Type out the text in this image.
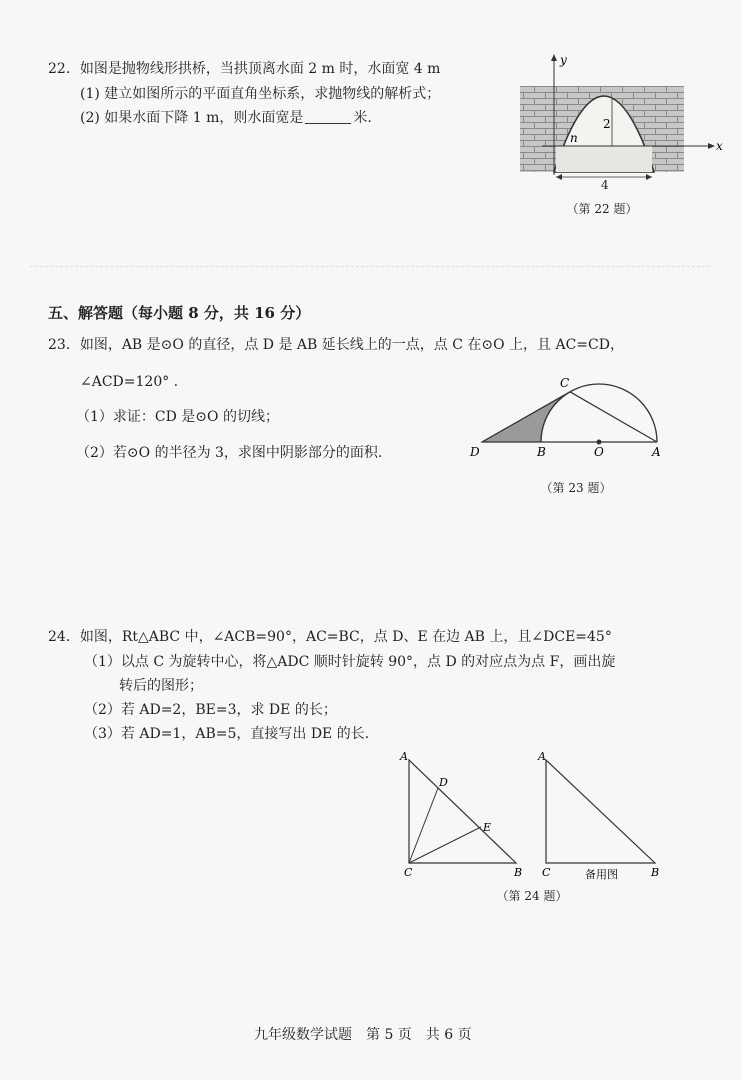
22．如图是抛物线形拱桥，当拱顶离水面 2 m 时，水面宽 4 m
(1) 建立如图所示的平面直角坐标系，求抛物线的解析式；
(2) 如果水面下降 1 m，则水面宽是	米.
y
x
2
n
4
（第 22 题）
五、解答题（每小题 8 分，共 16 分）
23．如图，AB 是⊙O 的直径，点 D 是 AB 延长线上的一点，点 C 在⊙O 上，且 AC=CD，
∠ACD=120° .
（1）求证：CD 是⊙O 的切线；
（2）若⊙O 的半径为 3，求图中阴影部分的面积.
C
D	B	O	A
（第 23 题）
24．如图，Rt△ABC 中，∠ACB=90°，AC=BC，点 D、E 在边 AB 上，且∠DCE=45°
（1）以点 C 为旋转中心，将△ADC 顺时针旋转 90°，点 D 的对应点为点 F，画出旋
转后的图形；
（2）若 AD=2，BE=3，求 DE 的长；
（3）若 AD=1，AB=5，直接写出 DE 的长.
A
D
E
C	B
A
C	B
备用图
（第 24 题）
九年级数学试题　第 5 页　共 6 页
